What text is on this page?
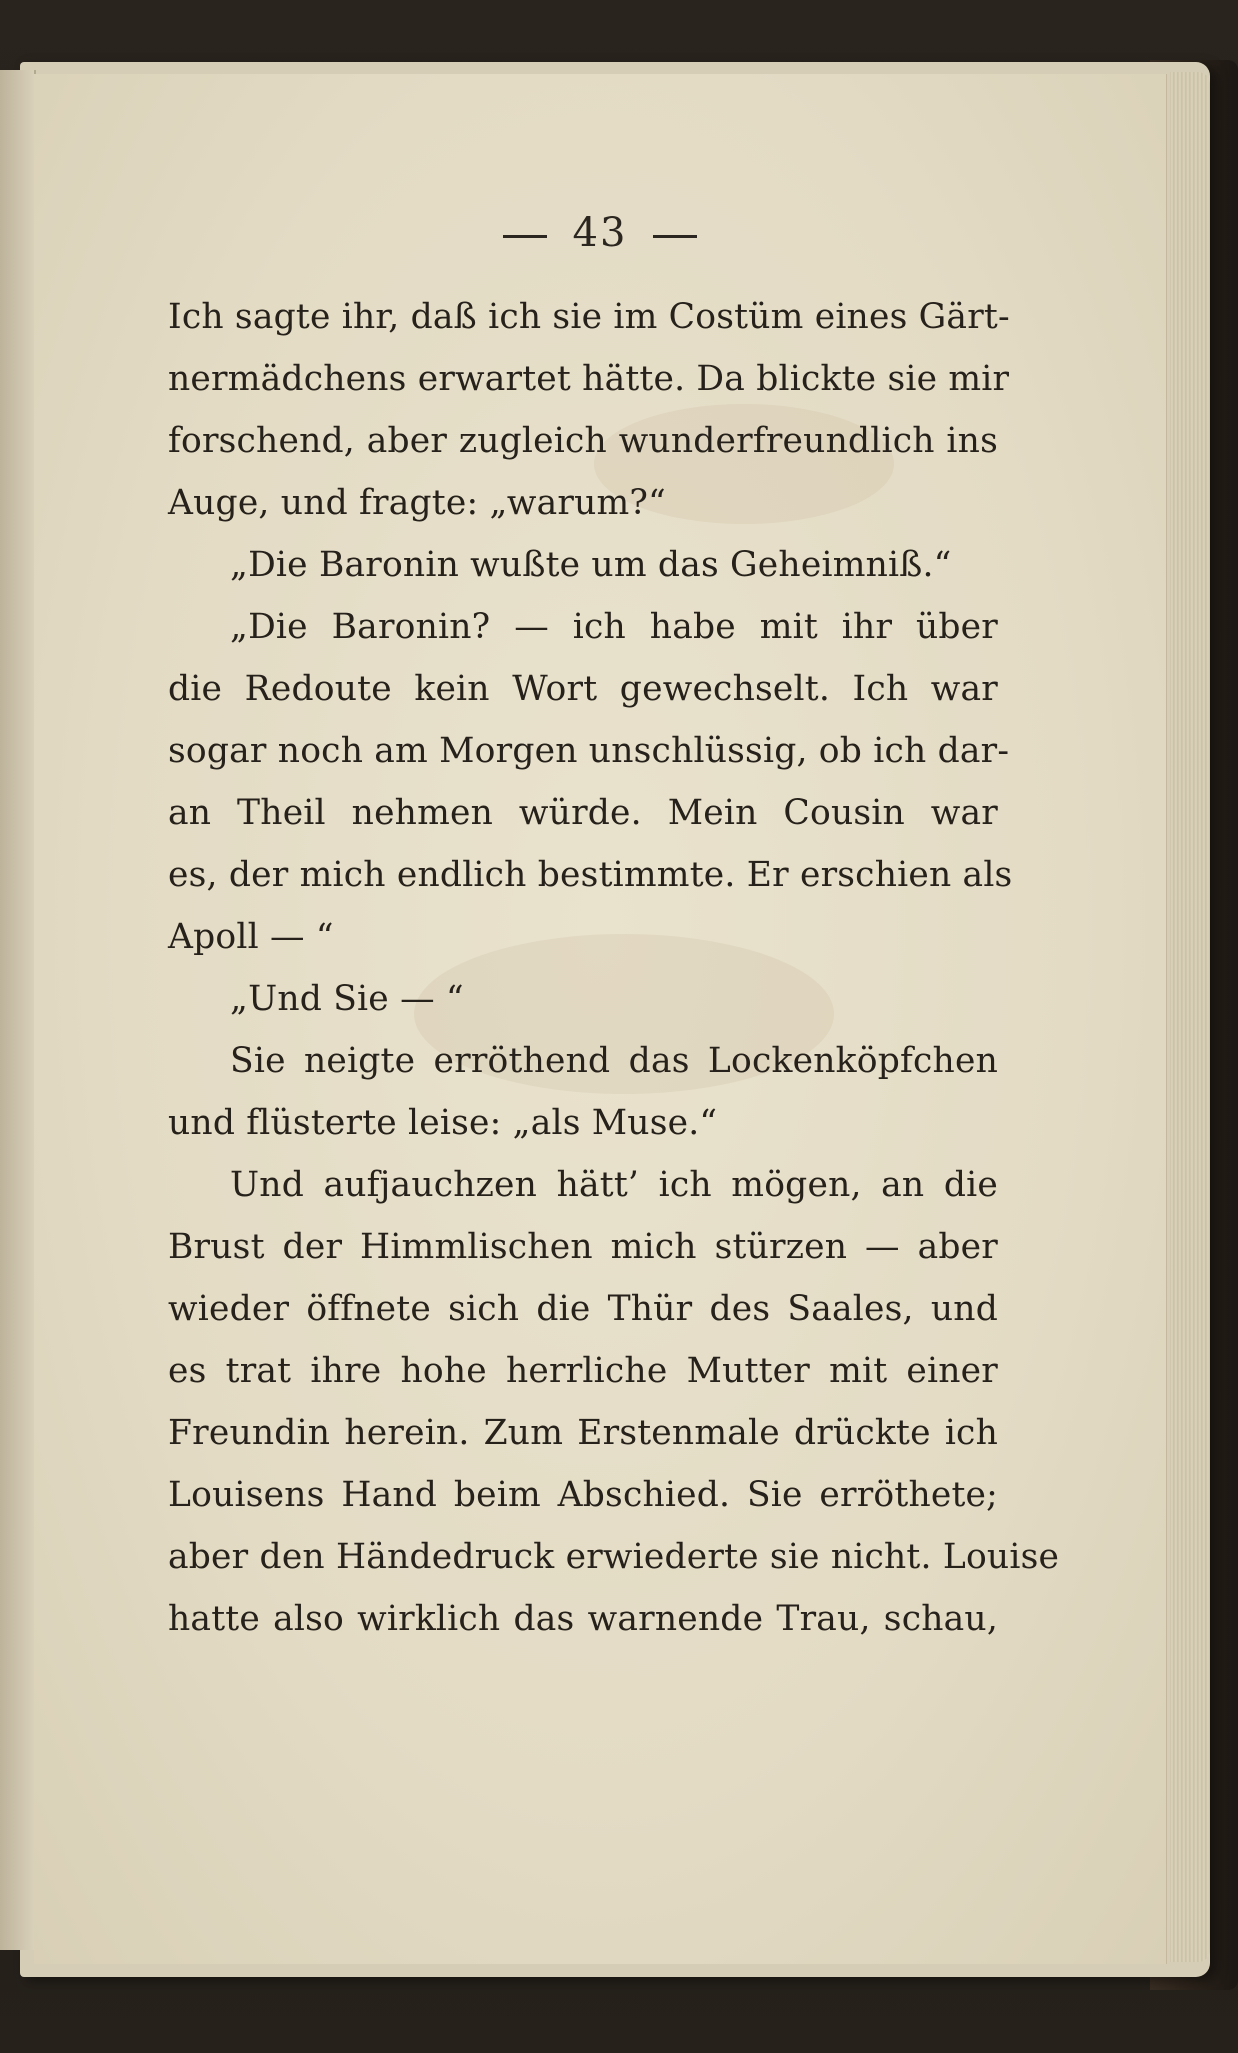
43
Ich sagte ihr, daß ich sie im Costüm eines Gärt-
nermädchens erwartet hätte. Da blickte sie mir
forschend, aber zugleich wunderfreundlich ins
Auge, und fragte: „warum?“
„Die Baronin wußte um das Geheimniß.“
„Die Baronin? — ich habe mit ihr über
die Redoute kein Wort gewechselt. Ich war
sogar noch am Morgen unschlüssig, ob ich dar-
an Theil nehmen würde. Mein Cousin war
es, der mich endlich bestimmte. Er erschien als
Apoll — “
„Und Sie — “
Sie neigte erröthend das Lockenköpfchen
und flüsterte leise: „als Muse.“
Und aufjauchzen hätt’ ich mögen, an die
Brust der Himmlischen mich stürzen — aber
wieder öffnete sich die Thür des Saales, und
es trat ihre hohe herrliche Mutter mit einer
Freundin herein. Zum Erstenmale drückte ich
Louisens Hand beim Abschied. Sie erröthete;
aber den Händedruck erwiederte sie nicht. Louise
hatte also wirklich das warnende Trau, schau,
